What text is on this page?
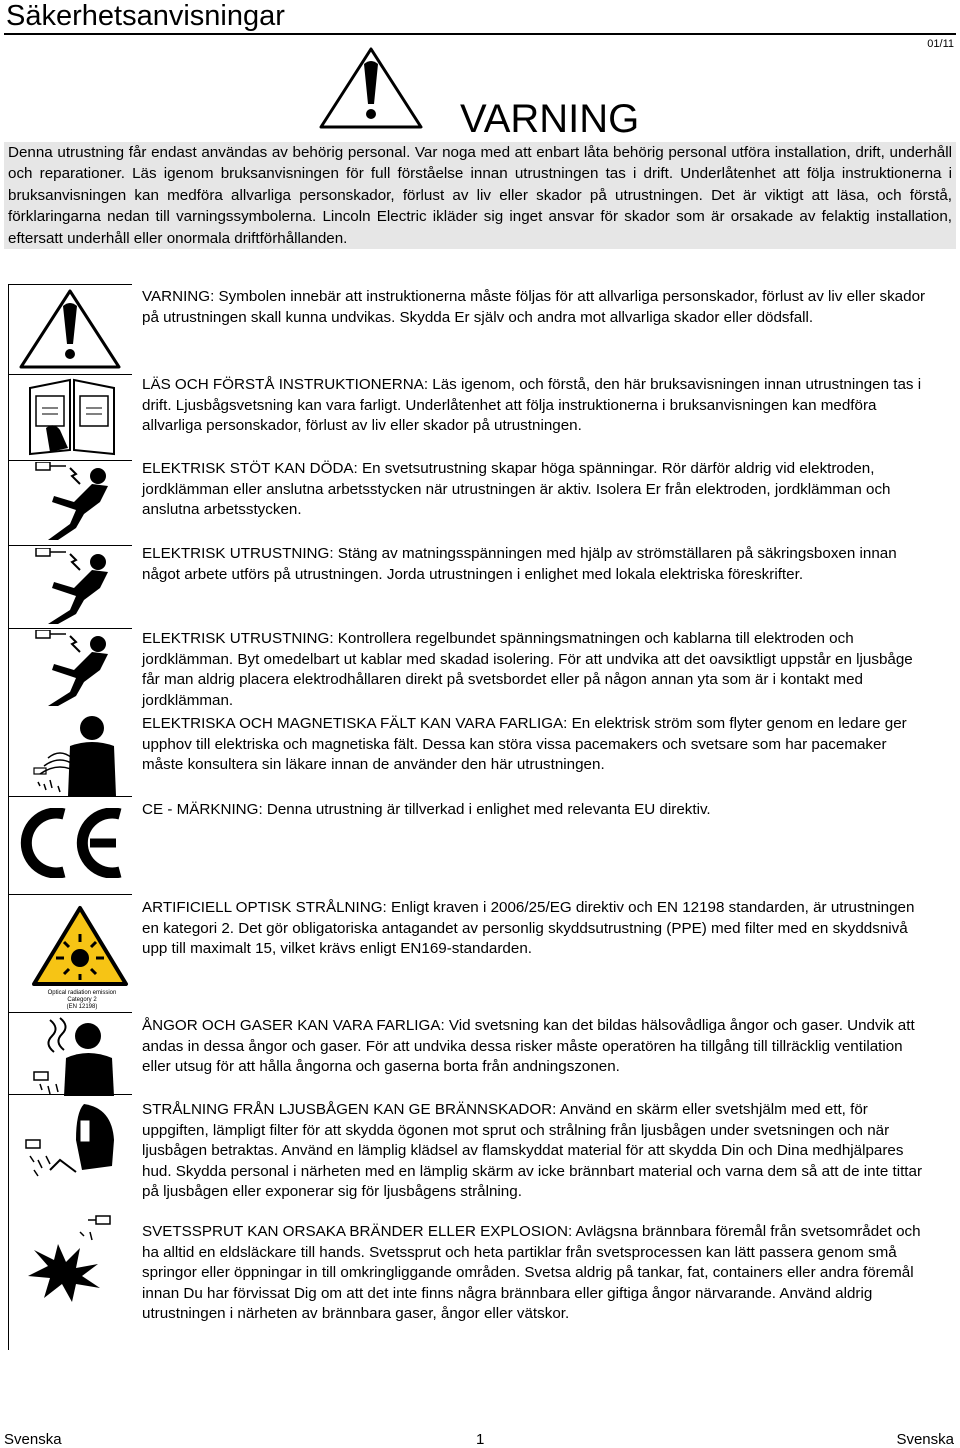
Säkerhetsanvisningar
01/11
VARNING

Denna utrustning får endast användas av behörig personal. Var noga med att enbart låta behörig personal utföra installation, drift, underhåll och reparationer. Läs igenom bruksanvisningen för full förståelse innan utrustningen tas i drift. Underlåtenhet att följa instruktionerna i bruksanvisningen kan medföra allvarliga personskador, förlust av liv eller skador på utrustningen. Det är viktigt att läsa, och förstå, förklaringarna nedan till varningssymbolerna. Lincoln Electric ikläder sig inget ansvar för skador som är orsakade av felaktig installation, eftersatt underhåll eller onormala driftförhållanden.

VARNING: Symbolen innebär att instruktionerna måste följas för att allvarliga personskador, förlust av liv eller skador på utrustningen skall kunna undvikas. Skydda Er själv och andra mot allvarliga skador eller dödsfall.

LÄS OCH FÖRSTÅ INSTRUKTIONERNA: Läs igenom, och förstå, den här bruksavisningen innan utrustningen tas i drift. Ljusbågsvetsning kan vara farligt. Underlåtenhet att följa instruktionerna i bruksanvisningen kan medföra allvarliga personskador, förlust av liv eller skador på utrustningen.

ELEKTRISK STÖT KAN DÖDA: En svetsutrustning skapar höga spänningar. Rör därför aldrig vid elektroden, jordklämman eller anslutna arbetsstycken när utrustningen är aktiv. Isolera Er från elektroden, jordklämman och anslutna arbetsstycken.

ELEKTRISK UTRUSTNING: Stäng av matningsspänningen med hjälp av strömställaren på säkringsboxen innan något arbete utförs på utrustningen. Jorda utrustningen i enlighet med lokala elektriska föreskrifter.

ELEKTRISK UTRUSTNING: Kontrollera regelbundet spänningsmatningen och kablarna till elektroden och jordklämman. Byt omedelbart ut kablar med skadad isolering. För att undvika att det oavsiktligt uppstår en ljusbåge får man aldrig placera elektrodhållaren direkt på svetsbordet eller på någon annan yta som är i kontakt med jordklämman.

ELEKTRISKA OCH MAGNETISKA FÄLT KAN VARA FARLIGA: En elektrisk ström som flyter genom en ledare ger upphov till elektriska och magnetiska fält. Dessa kan störa vissa pacemakers och svetsare som har pacemaker måste konsultera sin läkare innan de använder den här utrustningen.

CE - MÄRKNING: Denna utrustning är tillverkad i enlighet med relevanta EU direktiv.

Optical radiation emission
Category 2
(EN 12198)

ARTIFICIELL OPTISK STRÅLNING: Enligt kraven i 2006/25/EG direktiv och EN 12198 standarden, är utrustningen en kategori 2. Det gör obligatoriska antagandet av personlig skyddsutrustning (PPE) med filter med en skyddsnivå upp till maximalt 15, vilket krävs enligt EN169-standarden.

ÅNGOR OCH GASER KAN VARA FARLIGA: Vid svetsning kan det bildas hälsovådliga ångor och gaser. Undvik att andas in dessa ångor och gaser. För att undvika dessa risker måste operatören ha tillgång till tillräcklig ventilation eller utsug för att hålla ångorna och gaserna borta från andningszonen.

STRÅLNING FRÅN LJUSBÅGEN KAN GE BRÄNNSKADOR: Använd en skärm eller svetshjälm med ett, för uppgiften, lämpligt filter för att skydda ögonen mot sprut och strålning från ljusbågen under svetsningen och när ljusbågen betraktas. Använd en lämplig klädsel av flamskyddat material för att skydda Din och Dina medhjälpares hud. Skydda personal i närheten med en lämplig skärm av icke brännbart material och varna dem så att de inte tittar på ljusbågen eller exponerar sig för ljusbågens strålning.

SVETSSPRUT KAN ORSAKA BRÄNDER ELLER EXPLOSION: Avlägsna brännbara föremål från svetsområdet och ha alltid en eldsläckare till hands. Svetssprut och heta partiklar från svetsprocessen kan lätt passera genom små springor eller öppningar in till omkringliggande områden. Svetsa aldrig på tankar, fat, containers eller andra föremål innan Du har förvissat Dig om att det inte finns några brännbara eller giftiga ångor närvarande. Använd aldrig utrustningen i närheten av brännbara gaser, ångor eller vätskor.

Svenska	1	Svenska
